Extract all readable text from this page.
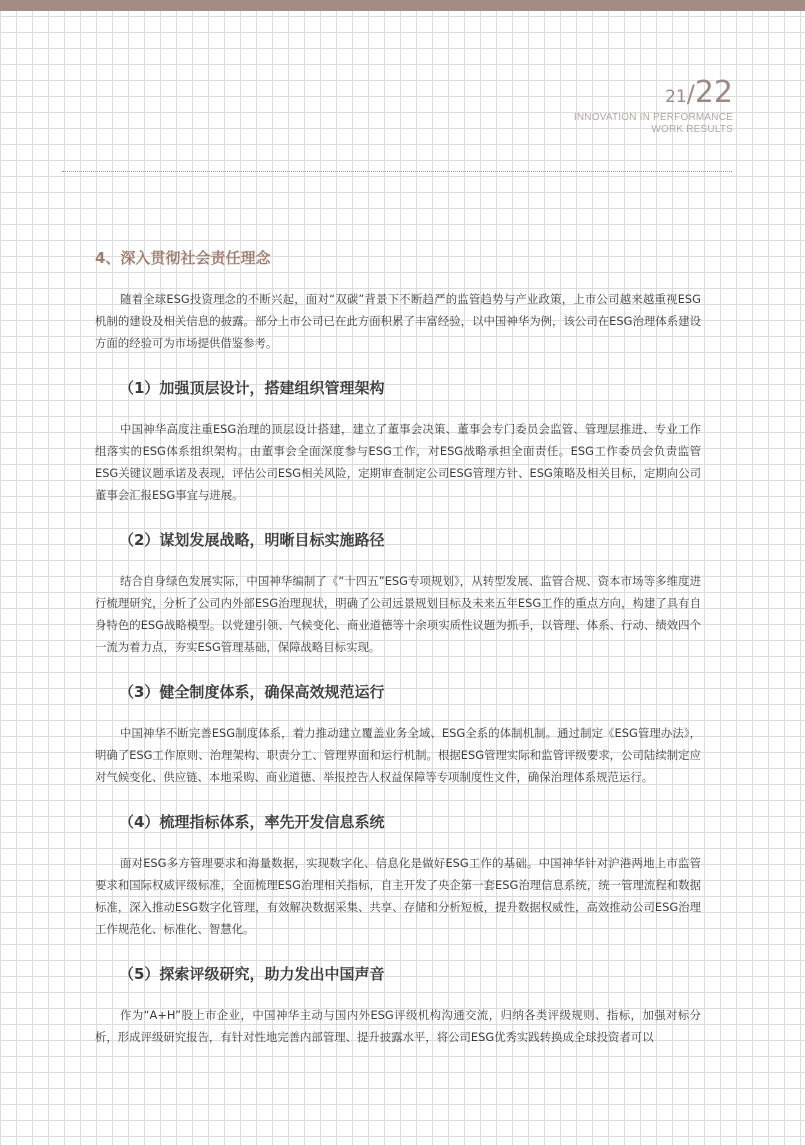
21/22
INNOVATION IN PERFORMANCE
WORK RESULTS
4、深入贯彻社会责任理念

随着全球ESG投资理念的不断兴起，面对“双碳”背景下不断趋严的监管趋势与产业政策，上市公司越来越重视ESG机制的建设及相关信息的披露。部分上市公司已在此方面积累了丰富经验，以中国神华为例，该公司在ESG治理体系建设方面的经验可为市场提供借鉴参考。

（1）加强顶层设计，搭建组织管理架构

中国神华高度注重ESG治理的顶层设计搭建，建立了董事会决策、董事会专门委员会监管、管理层推进、专业工作组落实的ESG体系组织架构。由董事会全面深度参与ESG工作，对ESG战略承担全面责任。ESG工作委员会负责监管ESG关键议题承诺及表现，评估公司ESG相关风险，定期审查制定公司ESG管理方针、ESG策略及相关目标，定期向公司董事会汇报ESG事宜与进展。

（2）谋划发展战略，明晰目标实施路径

结合自身绿色发展实际，中国神华编制了《“十四五”ESG专项规划》，从转型发展、监管合规、资本市场等多维度进行梳理研究，分析了公司内外部ESG治理现状，明确了公司远景规划目标及未来五年ESG工作的重点方向，构建了具有自身特色的ESG战略模型。以党建引领、气候变化、商业道德等十余项实质性议题为抓手，以管理、体系、行动、绩效四个一流为着力点，夯实ESG管理基础，保障战略目标实现。

（3）健全制度体系，确保高效规范运行

中国神华不断完善ESG制度体系，着力推动建立覆盖业务全域、ESG全系的体制机制。通过制定《ESG管理办法》，明确了ESG工作原则、治理架构、职责分工、管理界面和运行机制。根据ESG管理实际和监管评级要求，公司陆续制定应对气候变化、供应链、本地采购、商业道德、举报控告人权益保障等专项制度性文件，确保治理体系规范运行。

（4）梳理指标体系，率先开发信息系统

面对ESG多方管理要求和海量数据，实现数字化、信息化是做好ESG工作的基础。中国神华针对沪港两地上市监管要求和国际权威评级标准，全面梳理ESG治理相关指标，自主开发了央企第一套ESG治理信息系统，统一管理流程和数据标准，深入推动ESG数字化管理，有效解决数据采集、共享、存储和分析短板，提升数据权威性，高效推动公司ESG治理工作规范化、标准化、智慧化。

（5）探索评级研究，助力发出中国声音

作为“A+H”股上市企业，中国神华主动与国内外ESG评级机构沟通交流，归纳各类评级规则、指标，加强对标分析，形成评级研究报告，有针对性地完善内部管理、提升披露水平，将公司ESG优秀实践转换成全球投资者可以
